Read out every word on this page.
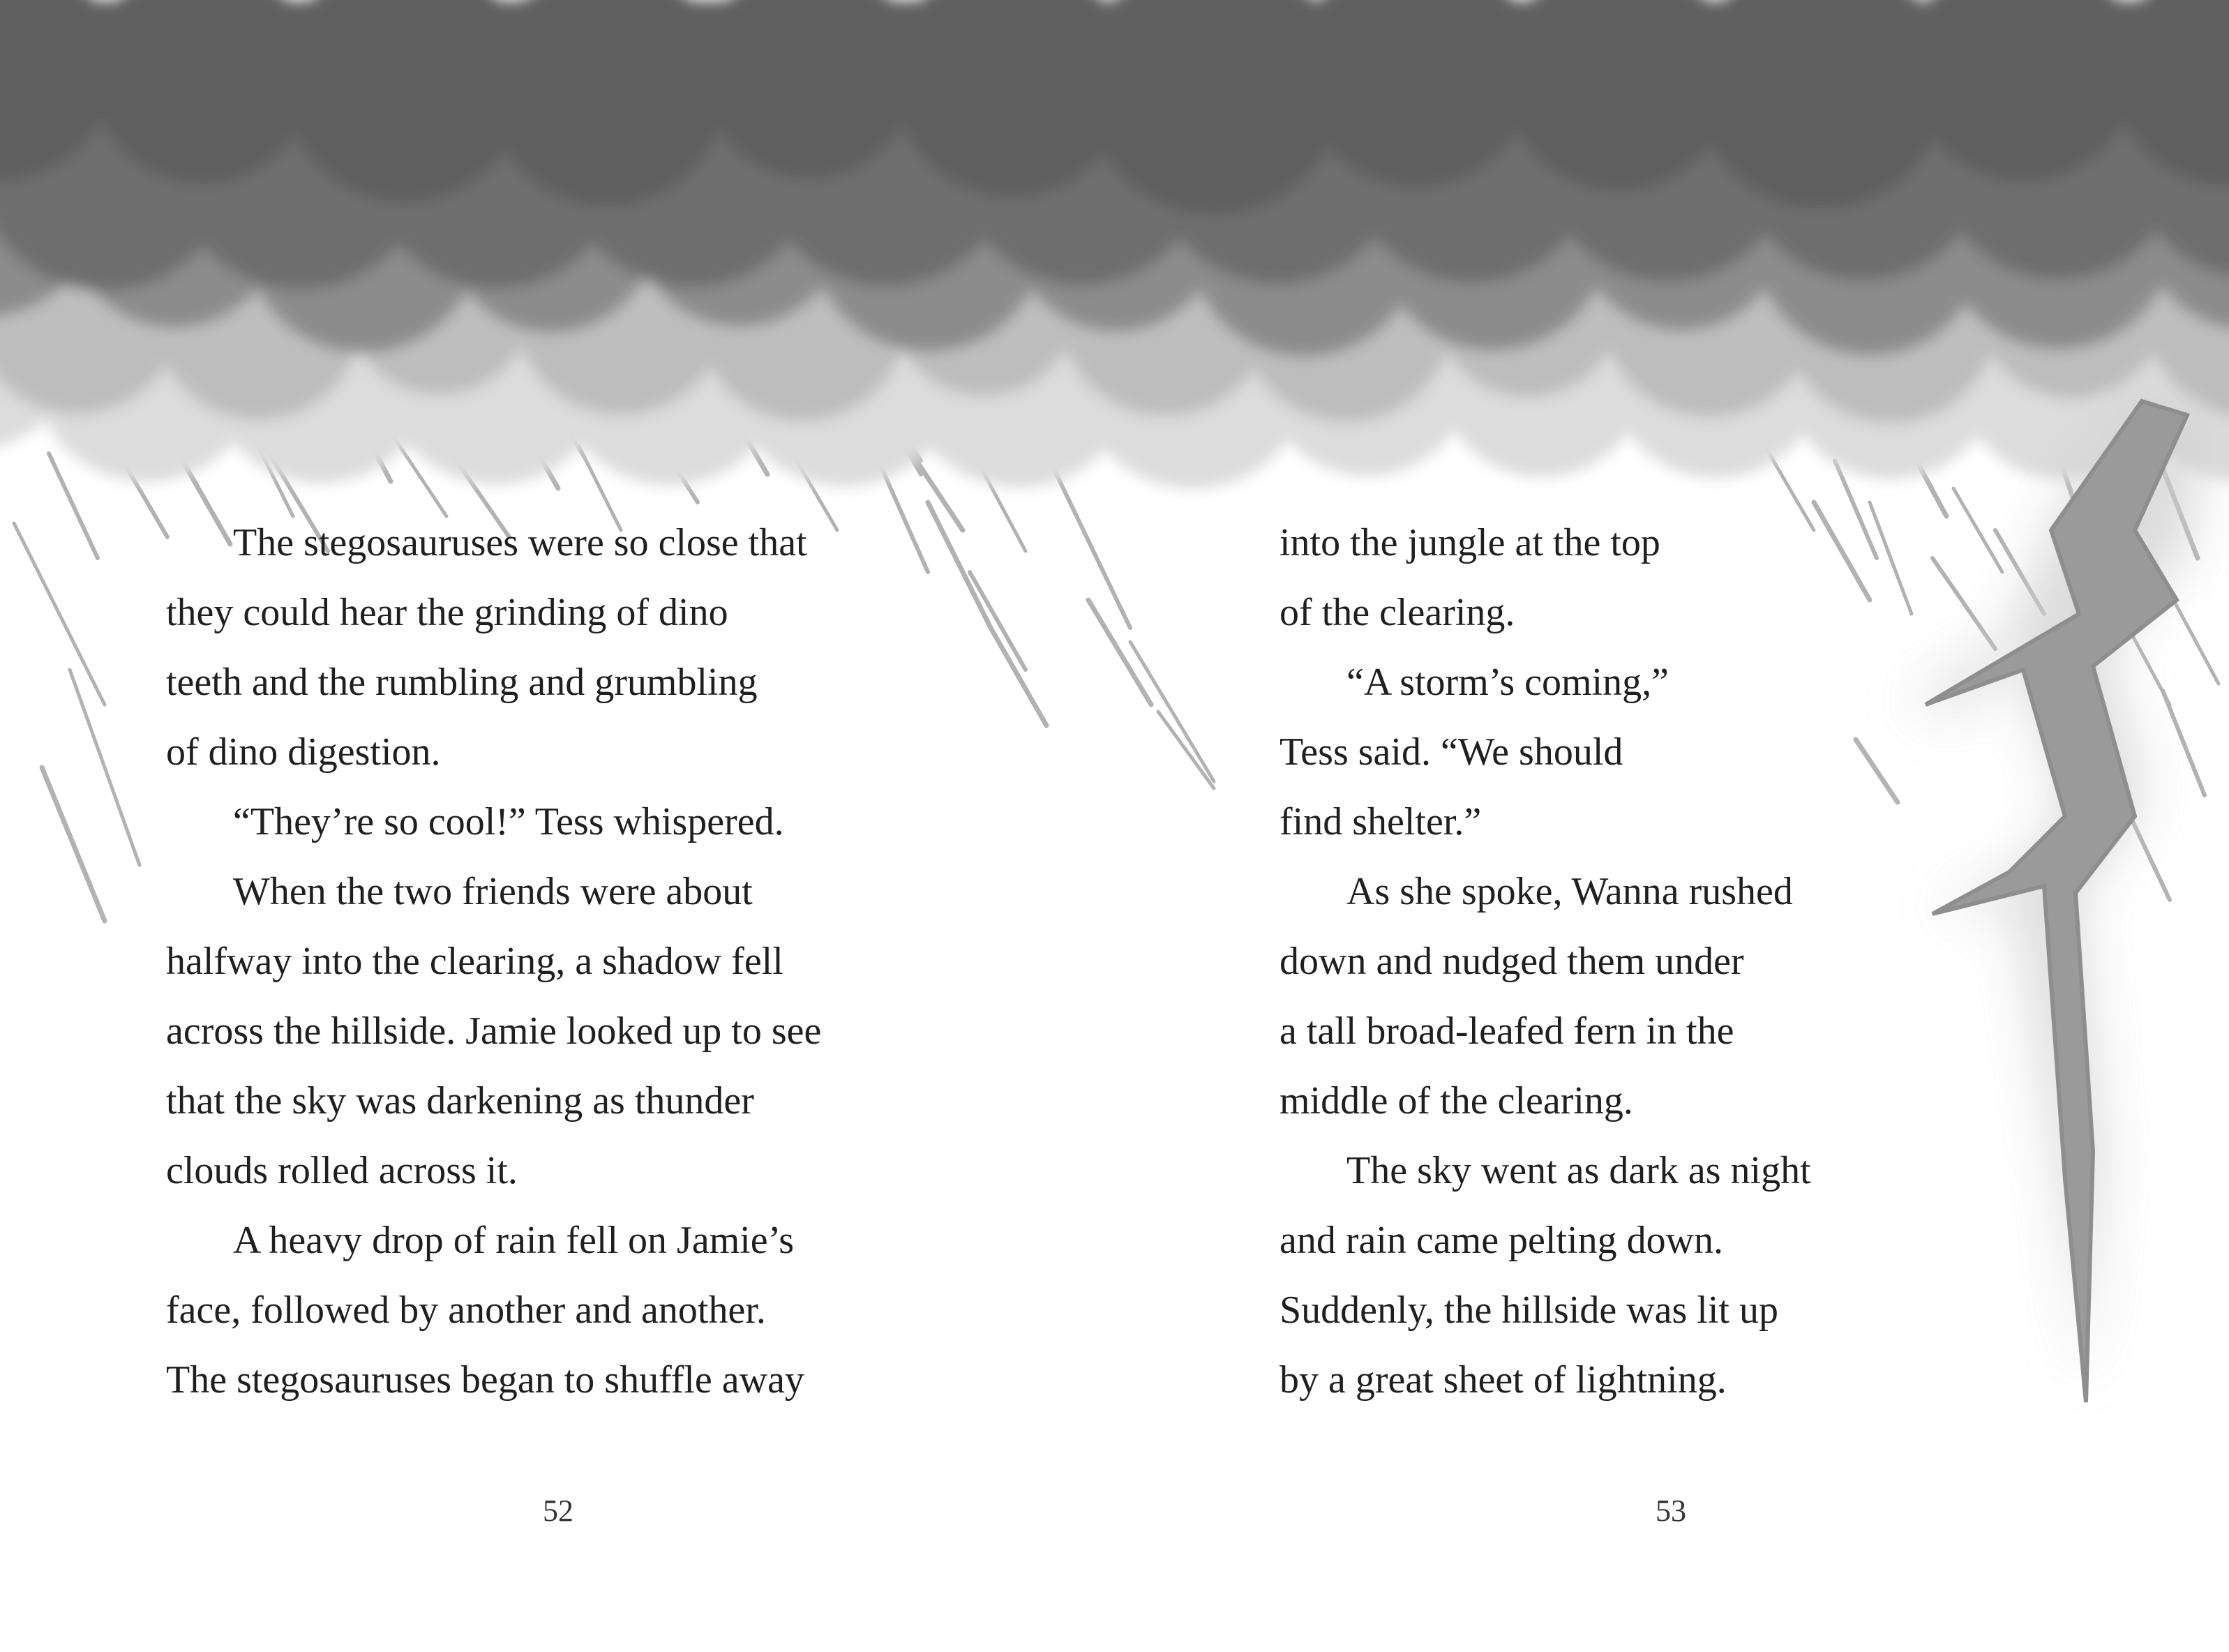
The stegosauruses were so close that

they could hear the grinding of dino

teeth and the rumbling and grumbling

of dino digestion.

“They’re so cool!” Tess whispered.

When the two friends were about

halfway into the clearing, a shadow fell

across the hillside. Jamie looked up to see

that the sky was darkening as thunder

clouds rolled across it.

A heavy drop of rain fell on Jamie’s

face, followed by another and another.

The stegosauruses began to shuffle away

into the jungle at the top

of the clearing.

“A storm’s coming,”

Tess said. “We should

find shelter.”

As she spoke, Wanna rushed

down and nudged them under

a tall broad-leafed fern in the

middle of the clearing.

The sky went as dark as night

and rain came pelting down.

Suddenly, the hillside was lit up

by a great sheet of lightning.

52	53
